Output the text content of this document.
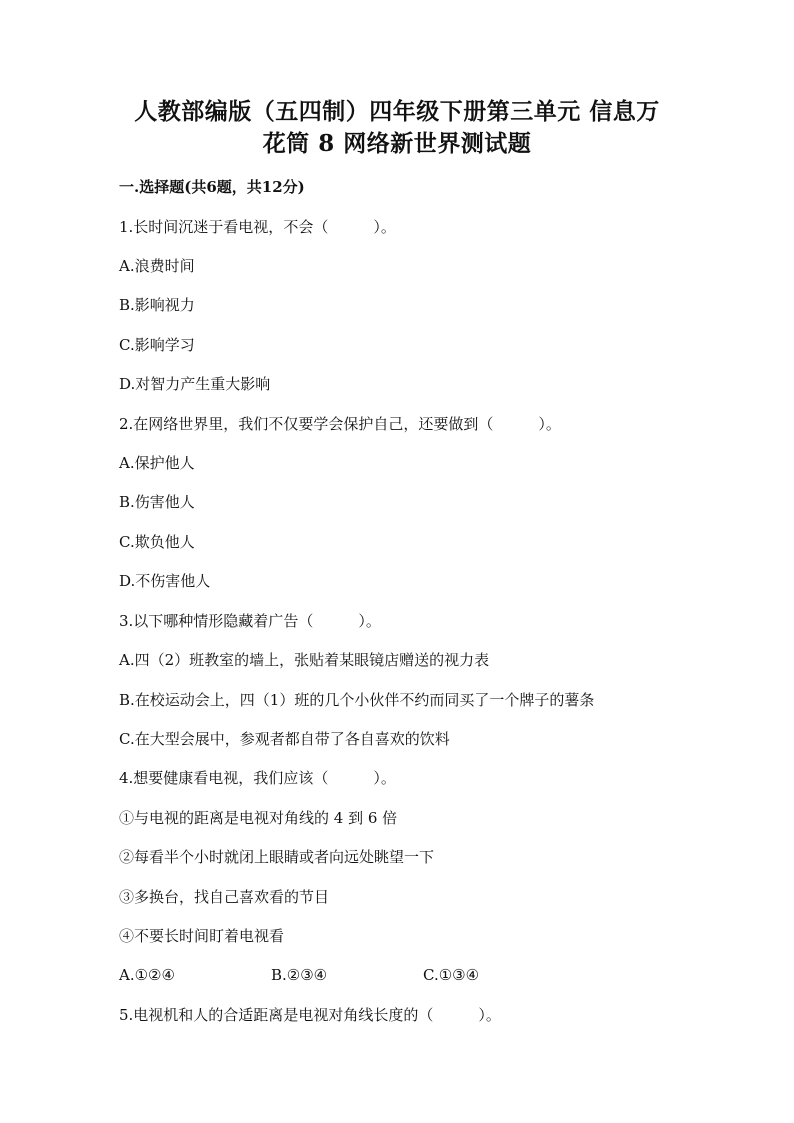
人教部编版（五四制）四年级下册第三单元 信息万
花筒 8 网络新世界测试题
一.选择题(共6题，共12分)
1.长时间沉迷于看电视，不会（　　　）。
A.浪费时间
B.影响视力
C.影响学习
D.对智力产生重大影响
2.在网络世界里，我们不仅要学会保护自己，还要做到（　　　）。
A.保护他人
B.伤害他人
C.欺负他人
D.不伤害他人
3.以下哪种情形隐藏着广告（　　　）。
A.四（2）班教室的墙上，张贴着某眼镜店赠送的视力表
B.在校运动会上，四（1）班的几个小伙伴不约而同买了一个牌子的薯条
C.在大型会展中，参观者都自带了各自喜欢的饮料
4.想要健康看电视，我们应该（　　　）。
①与电视的距离是电视对角线的 4 到 6 倍
②每看半个小时就闭上眼睛或者向远处眺望一下
③多换台，找自己喜欢看的节目
④不要长时间盯着电视看
A.①②④	B.②③④	C.①③④
5.电视机和人的合适距离是电视对角线长度的（　　　）。
